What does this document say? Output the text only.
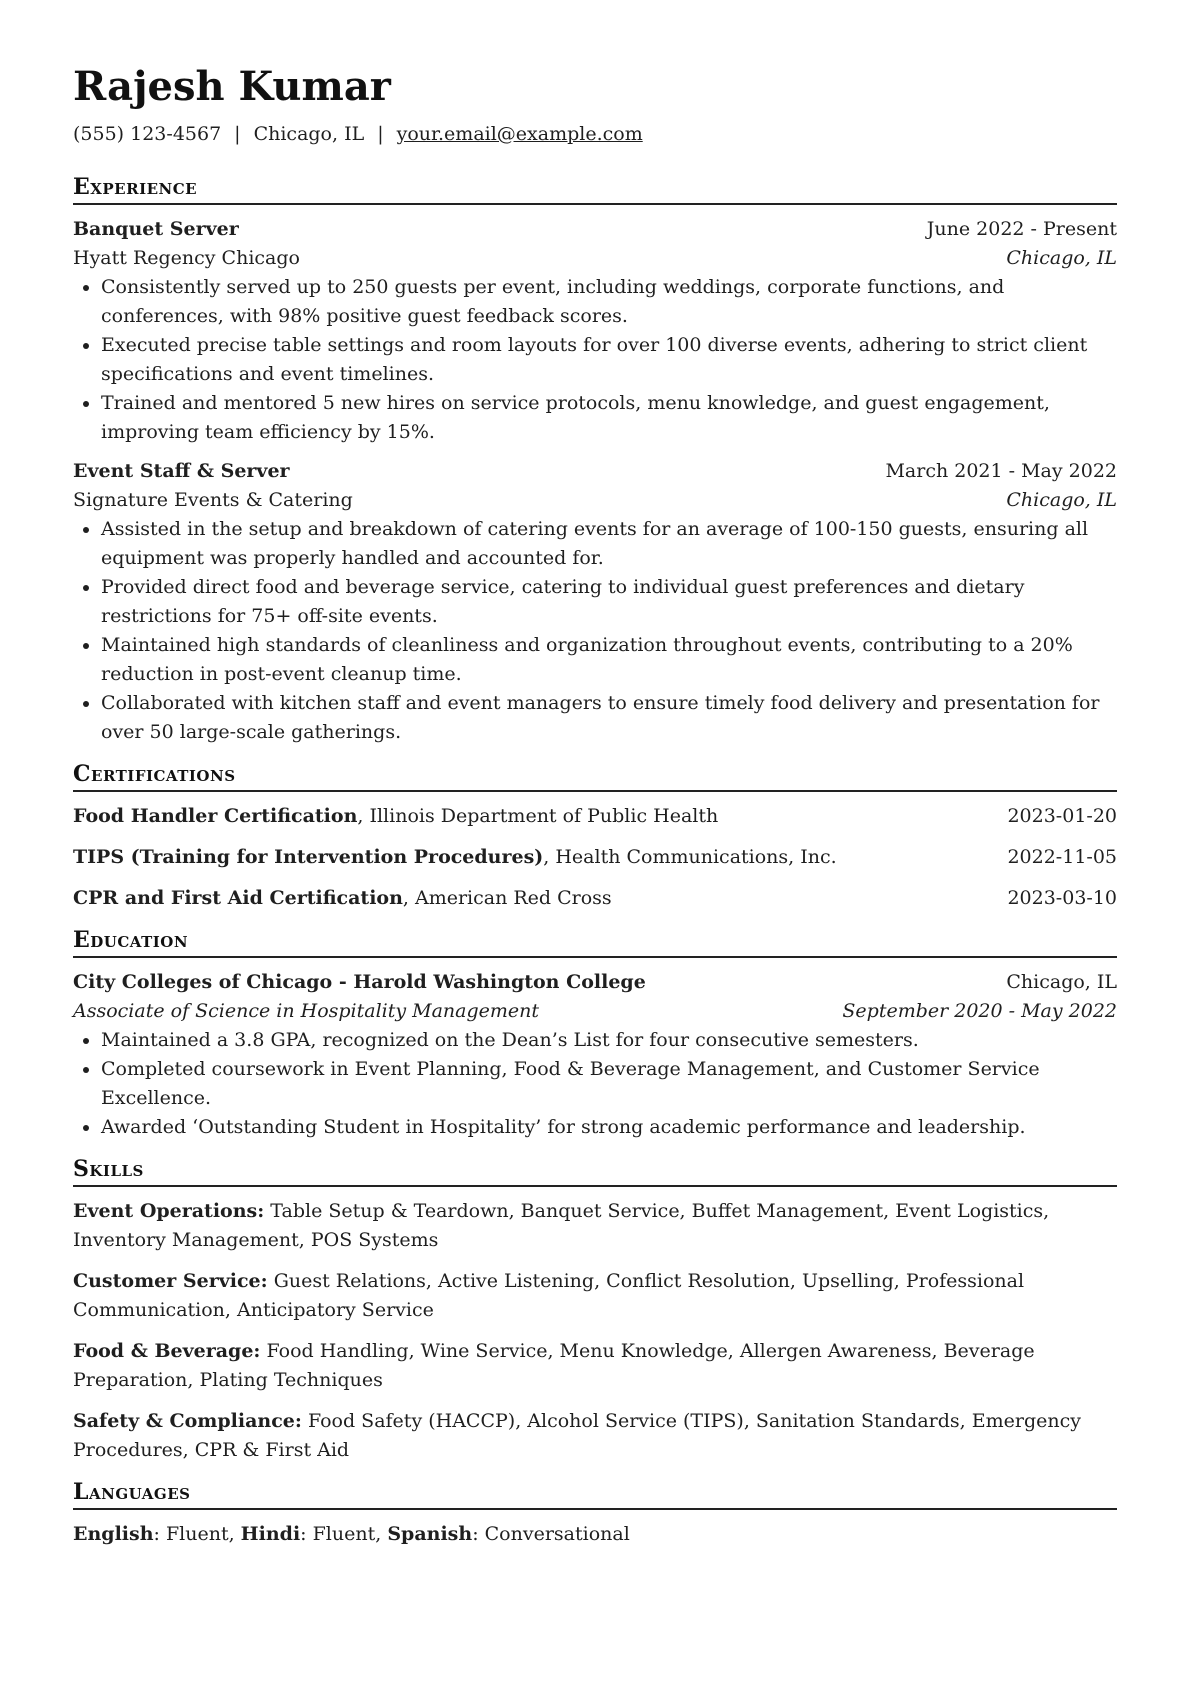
Rajesh Kumar
(555) 123-4567 | Chicago, IL | your.email@example.com
Experience
Banquet Server	June 2022 - Present
Hyatt Regency Chicago	Chicago, IL
• Consistently served up to 250 guests per event, including weddings, corporate functions, and conferences, with 98% positive guest feedback scores.
• Executed precise table settings and room layouts for over 100 diverse events, adhering to strict client specifications and event timelines.
• Trained and mentored 5 new hires on service protocols, menu knowledge, and guest engagement, improving team efficiency by 15%.
Event Staff & Server	March 2021 - May 2022
Signature Events & Catering	Chicago, IL
• Assisted in the setup and breakdown of catering events for an average of 100-150 guests, ensuring all equipment was properly handled and accounted for.
• Provided direct food and beverage service, catering to individual guest preferences and dietary restrictions for 75+ off-site events.
• Maintained high standards of cleanliness and organization throughout events, contributing to a 20% reduction in post-event cleanup time.
• Collaborated with kitchen staff and event managers to ensure timely food delivery and presentation for over 50 large-scale gatherings.
Certifications
Food Handler Certification, Illinois Department of Public Health	2023-01-20
TIPS (Training for Intervention Procedures), Health Communications, Inc.	2022-11-05
CPR and First Aid Certification, American Red Cross	2023-03-10
Education
City Colleges of Chicago - Harold Washington College	Chicago, IL
Associate of Science in Hospitality Management	September 2020 - May 2022
• Maintained a 3.8 GPA, recognized on the Dean’s List for four consecutive semesters.
• Completed coursework in Event Planning, Food & Beverage Management, and Customer Service Excellence.
• Awarded ‘Outstanding Student in Hospitality’ for strong academic performance and leadership.
Skills
Event Operations: Table Setup & Teardown, Banquet Service, Buffet Management, Event Logistics, Inventory Management, POS Systems
Customer Service: Guest Relations, Active Listening, Conflict Resolution, Upselling, Professional Communication, Anticipatory Service
Food & Beverage: Food Handling, Wine Service, Menu Knowledge, Allergen Awareness, Beverage Preparation, Plating Techniques
Safety & Compliance: Food Safety (HACCP), Alcohol Service (TIPS), Sanitation Standards, Emergency Procedures, CPR & First Aid
Languages
English: Fluent, Hindi: Fluent, Spanish: Conversational
